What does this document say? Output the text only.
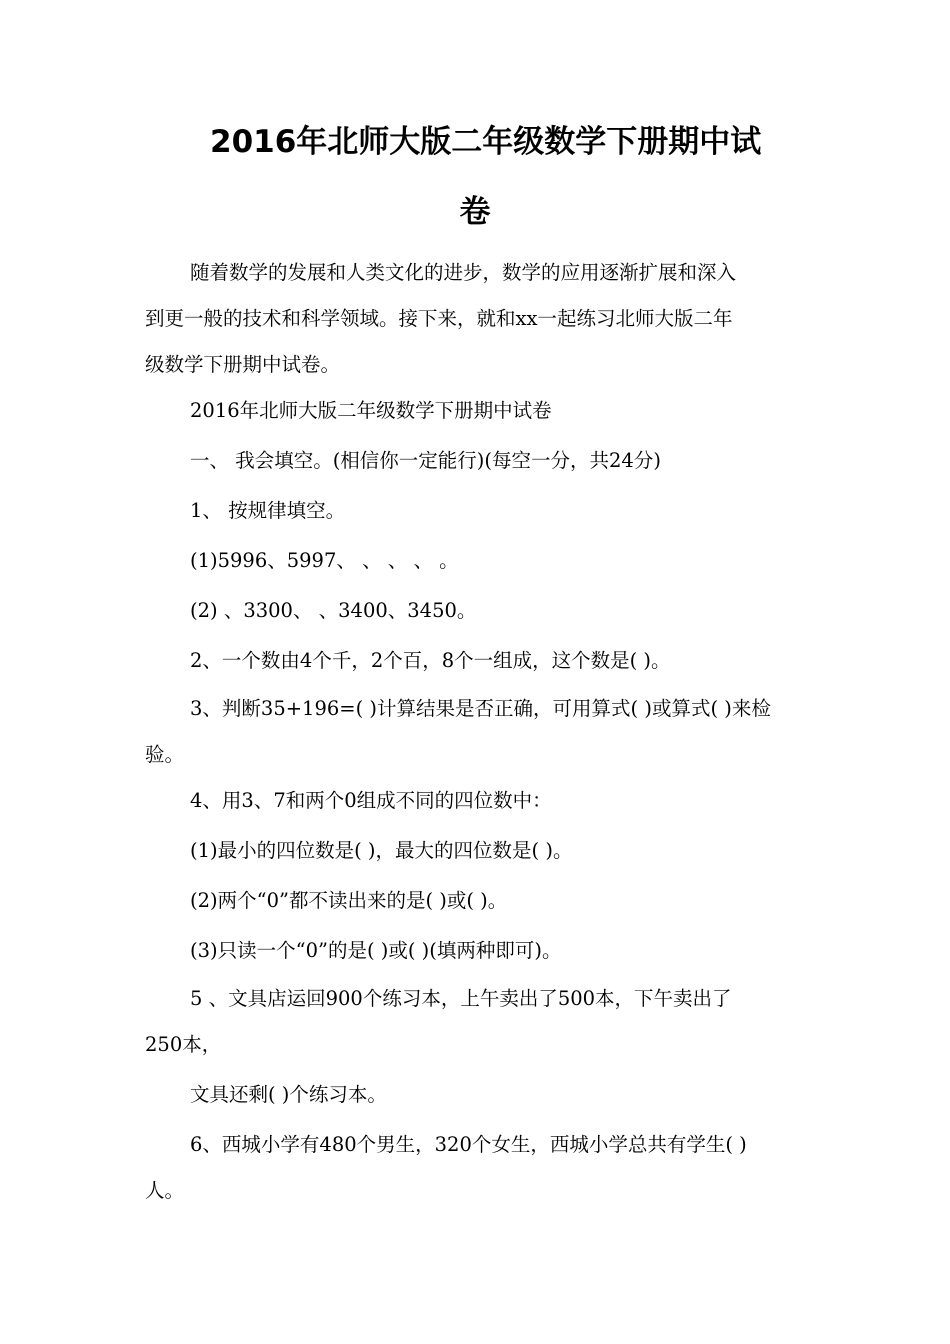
2016年北师大版二年级数学下册期中试
卷
随着数学的发展和人类文化的进步，数学的应用逐渐扩展和深入
到更一般的技术和科学领域。接下来，就和xx一起练习北师大版二年
级数学下册期中试卷。
2016年北师大版二年级数学下册期中试卷
一、 我会填空。(相信你一定能行)(每空一分，共24分)
1、 按规律填空。
(1)5996、5997、 、 、 、 。
(2) 、3300、 、3400、3450。
2、一个数由4个千，2个百，8个一组成，这个数是( )。
3、判断35+196=( )计算结果是否正确，可用算式( )或算式( )来检
验。
4、用3、7和两个0组成不同的四位数中：
(1)最小的四位数是( )，最大的四位数是( )。
(2)两个“0”都不读出来的是( )或( )。
(3)只读一个“0”的是( )或( )(填两种即可)。
5 、文具店运回900个练习本，上午卖出了500本，下午卖出了
250本，
文具还剩( )个练习本。
6、西城小学有480个男生，320个女生，西城小学总共有学生( )
人。
